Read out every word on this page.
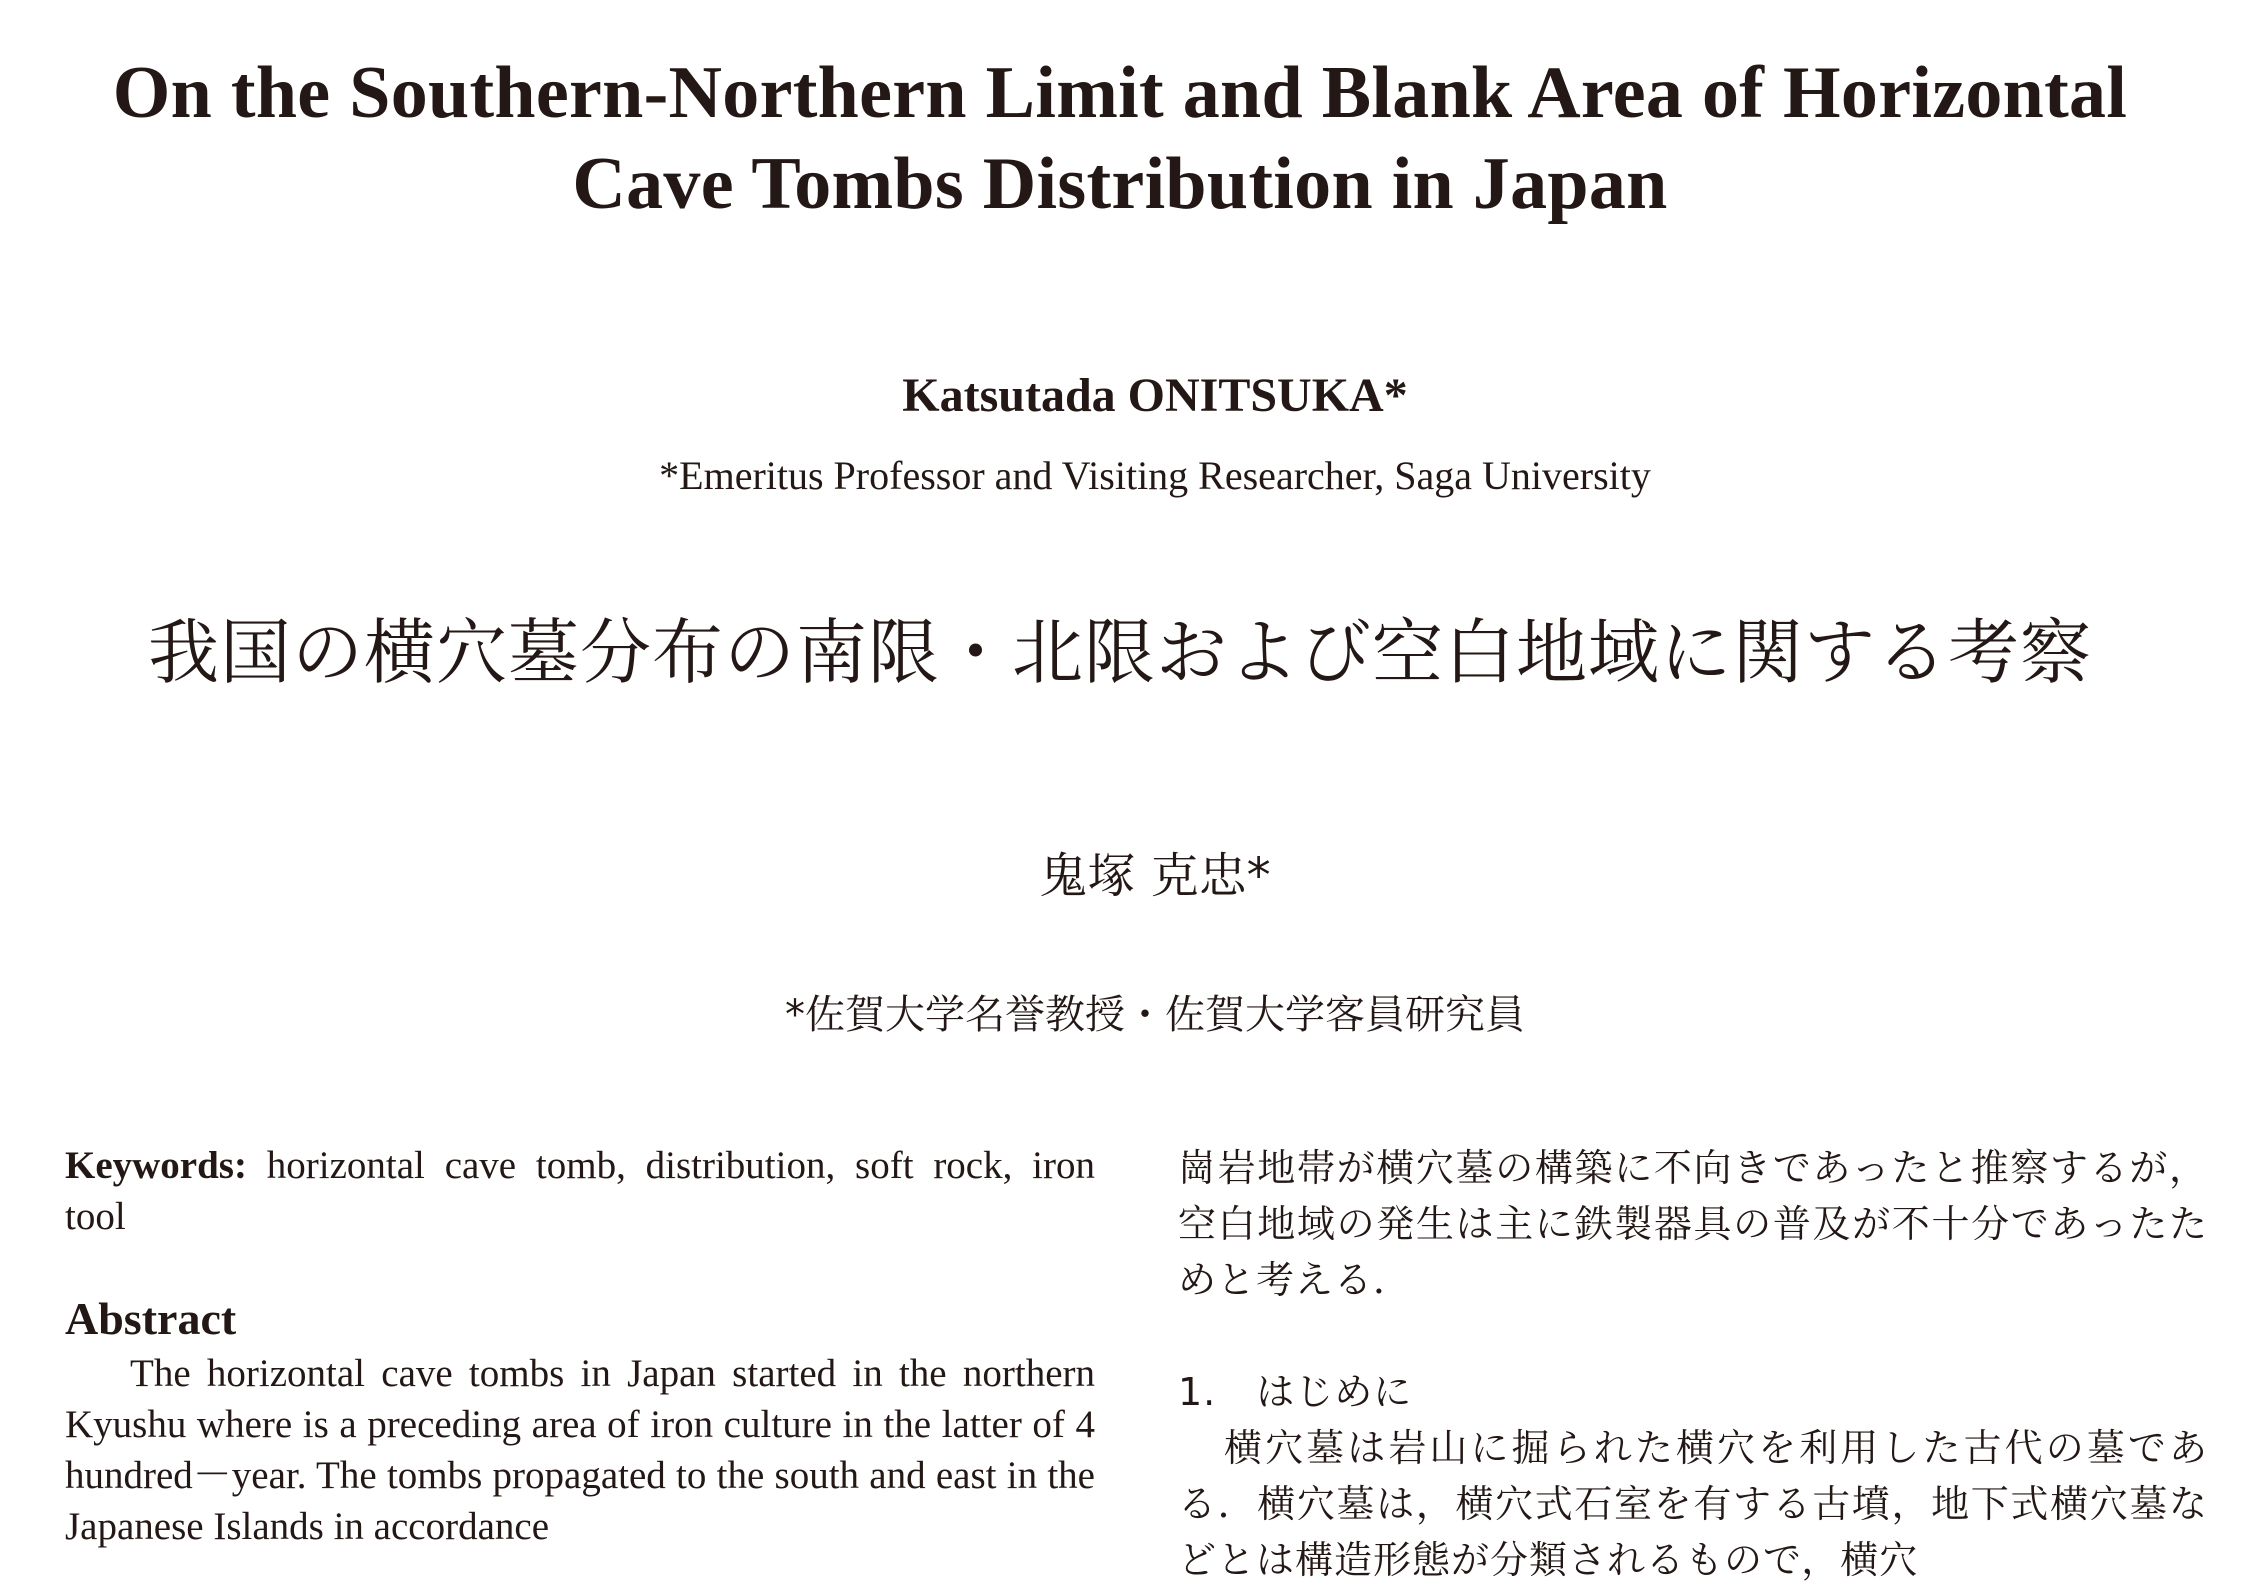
On the Southern-Northern Limit and Blank Area of Horizontal
Cave Tombs Distribution in Japan
Katsutada ONITSUKA*
*Emeritus Professor and Visiting Researcher, Saga University
我国の横穴墓分布の南限・北限および空白地域に関する考察
鬼塚 克忠*
*佐賀大学名誉教授・佐賀大学客員研究員

Keywords: horizontal cave tomb, distribution, soft rock, iron tool

Abstract

The horizontal cave tombs in Japan started in the northern Kyushu where is a preceding area of iron culture in the latter of 4 hundred－year. The tombs propagated to the south and east in the Japanese Islands in accordance

崗岩地帯が横穴墓の構築に不向きであったと推察するが，空白地域の発生は主に鉄製器具の普及が不十分であったためと考える．

1. はじめに

横穴墓は岩山に掘られた横穴を利用した古代の墓である．横穴墓は，横穴式石室を有する古墳，地下式横穴墓などとは構造形態が分類されるもので，横穴
